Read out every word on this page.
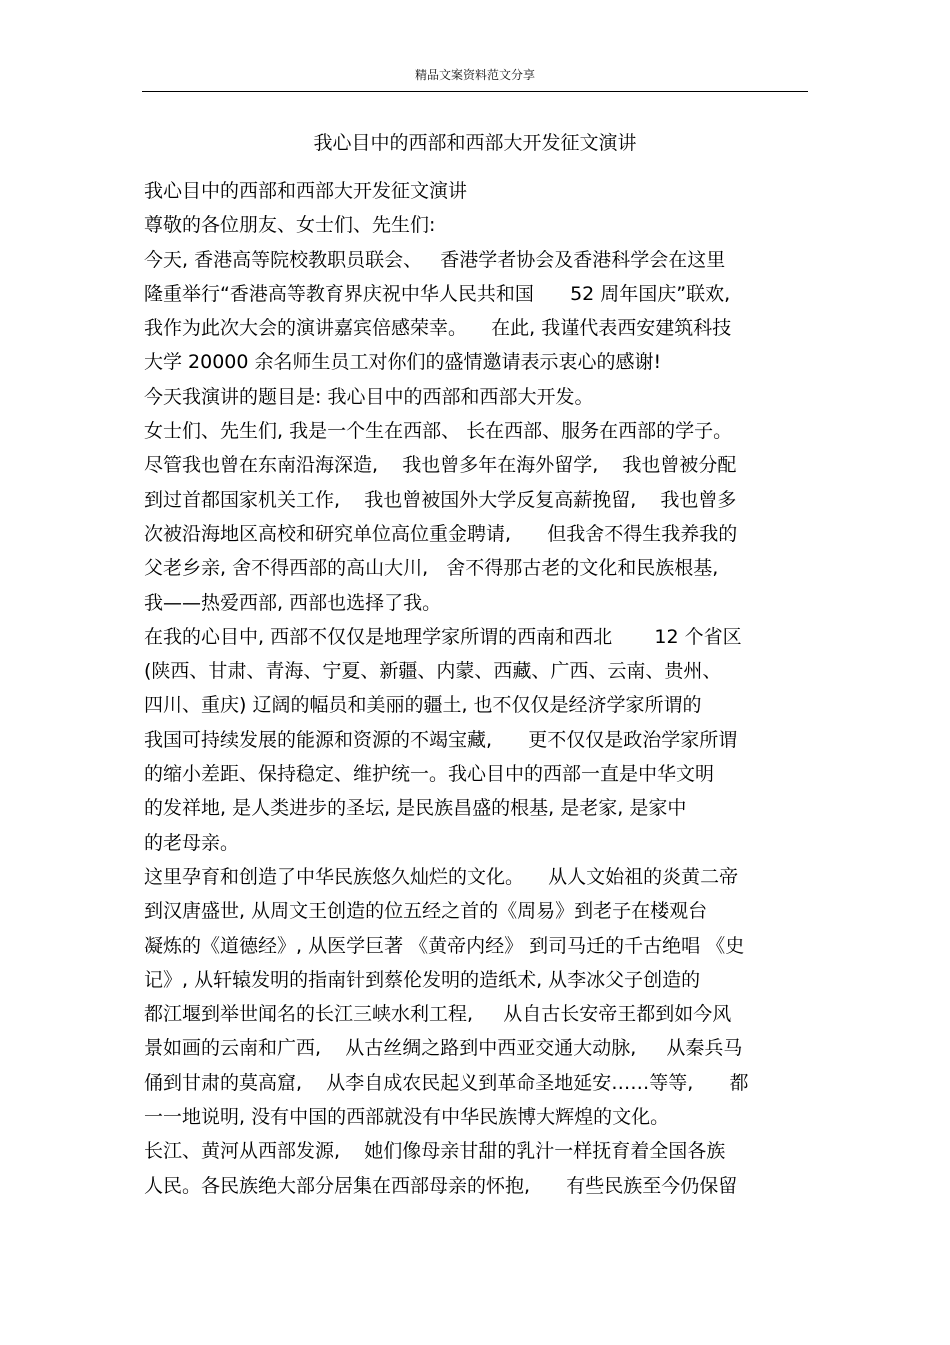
精品文案资料范文分享
我心目中的西部和西部大开发征文演讲
我心目中的西部和西部大开发征文演讲
尊敬的各位朋友、女士们、先生们:
今天, 香港高等院校教职员联会、   香港学者协会及香港科学会在这里
隆重举行“香港高等教育界庆祝中华人民共和国      52 周年国庆”联欢,
我作为此次大会的演讲嘉宾倍感荣幸。    在此, 我谨代表西安建筑科技
大学 20000 余名师生员工对你们的盛情邀请表示衷心的感谢!
今天我演讲的题目是: 我心目中的西部和西部大开发。
女士们、先生们, 我是一个生在西部、 长在西部、服务在西部的学子。
尽管我也曾在东南沿海深造,    我也曾多年在海外留学,    我也曾被分配
到过首都国家机关工作,    我也曾被国外大学反复高薪挽留,    我也曾多
次被沿海地区高校和研究单位高位重金聘请,      但我舍不得生我养我的
父老乡亲, 舍不得西部的高山大川,   舍不得那古老的文化和民族根基,
我——热爱西部, 西部也选择了我。
在我的心目中, 西部不仅仅是地理学家所谓的西南和西北       12 个省区
(陕西、甘肃、青海、宁夏、新疆、内蒙、西藏、广西、云南、贵州、
四川、重庆) 辽阔的幅员和美丽的疆土, 也不仅仅是经济学家所谓的
我国可持续发展的能源和资源的不竭宝藏,      更不仅仅是政治学家所谓
的缩小差距、保持稳定、维护统一。我心目中的西部一直是中华文明
的发祥地, 是人类进步的圣坛, 是民族昌盛的根基, 是老家, 是家中
的老母亲。
这里孕育和创造了中华民族悠久灿烂的文化。    从人文始祖的炎黄二帝
到汉唐盛世, 从周文王创造的位五经之首的《周易》到老子在楼观台
凝炼的《道德经》, 从医学巨著 《黄帝内经》 到司马迁的千古绝唱 《史
记》, 从轩辕发明的指南针到蔡伦发明的造纸术, 从李冰父子创造的
都江堰到举世闻名的长江三峡水利工程,     从自古长安帝王都到如今风
景如画的云南和广西,    从古丝绸之路到中西亚交通大动脉,     从秦兵马
俑到甘肃的莫高窟,    从李自成农民起义到革命圣地延安……等等,      都
一一地说明, 没有中国的西部就没有中华民族博大辉煌的文化。
长江、黄河从西部发源,    她们像母亲甘甜的乳汁一样抚育着全国各族
人民。各民族绝大部分居集在西部母亲的怀抱,      有些民族至今仍保留
